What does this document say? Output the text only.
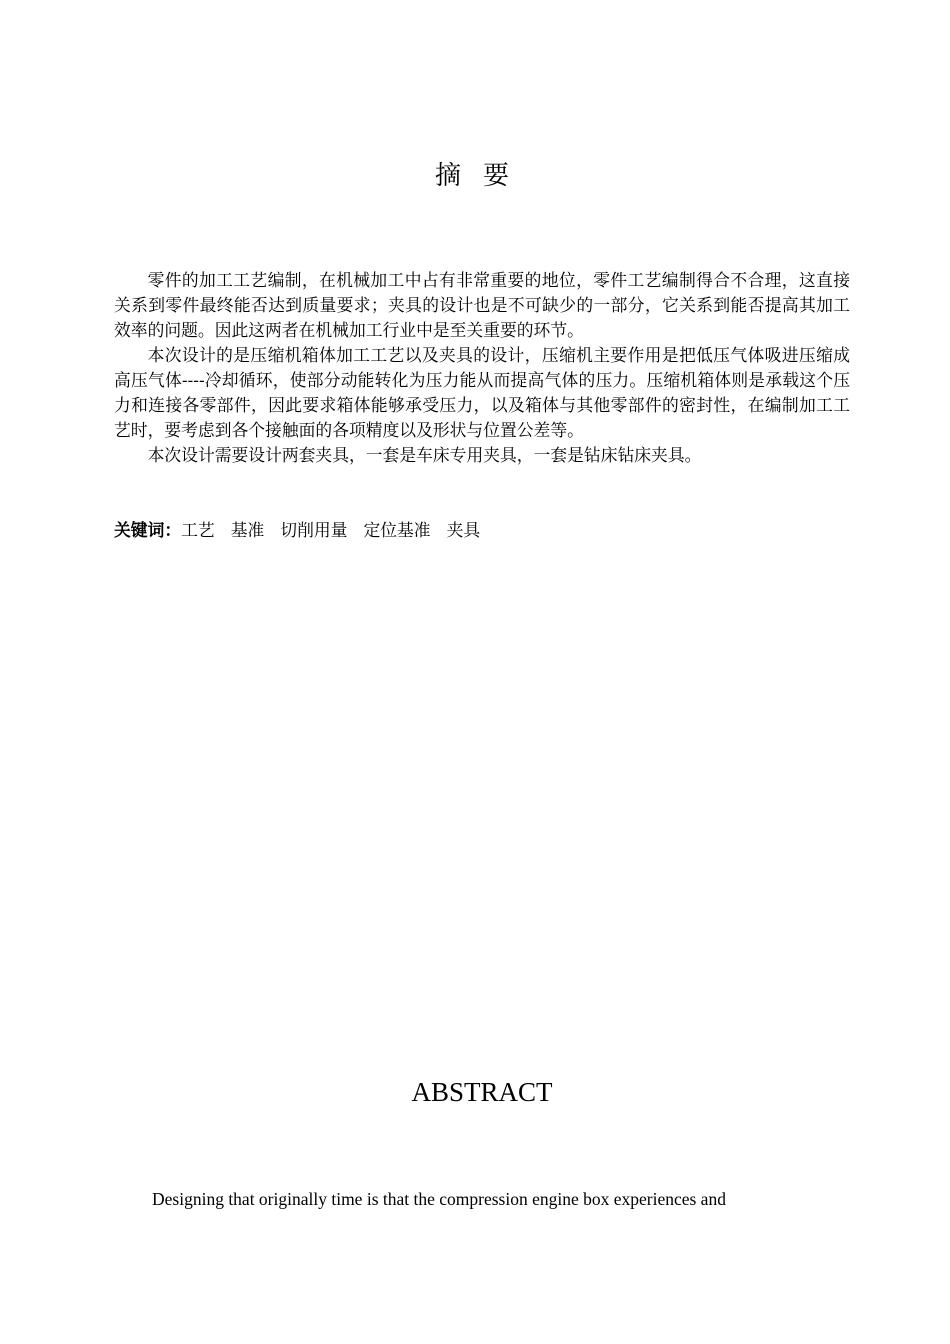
摘要

零件的加工工艺编制，在机械加工中占有非常重要的地位，零件工艺编制得合不合理，这直接关系到零件最终能否达到质量要求；夹具的设计也是不可缺少的一部分，它关系到能否提高其加工效率的问题。因此这两者在机械加工行业中是至关重要的环节。

本次设计的是压缩机箱体加工工艺以及夹具的设计，压缩机主要作用是把低压气体吸进压缩成高压气体----冷却循环，使部分动能转化为压力能从而提高气体的压力。压缩机箱体则是承载这个压力和连接各零部件，因此要求箱体能够承受压力，以及箱体与其他零部件的密封性，在编制加工工艺时，要考虑到各个接触面的各项精度以及形状与位置公差等。

本次设计需要设计两套夹具，一套是车床专用夹具，一套是钻床钻床夹具。

关键词：工艺 基准 切削用量 定位基准 夹具
ABSTRACT

Designing that originally time is that the compression engine box experiences and
